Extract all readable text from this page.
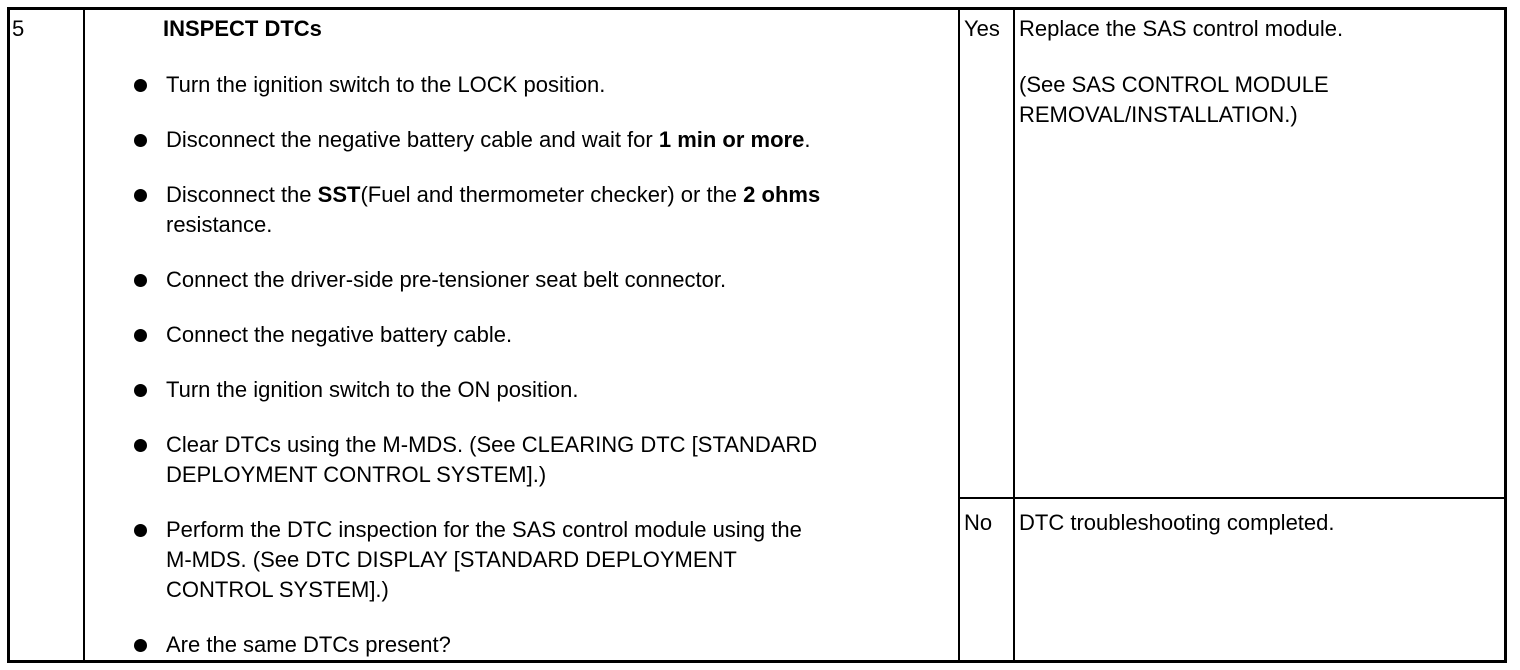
5	INSPECT DTCs
Turn the ignition switch to the LOCK position.
Disconnect the negative battery cable and wait for 1 min or more.
Disconnect the SST(Fuel and thermometer checker) or the 2 ohms
resistance.
Connect the driver-side pre-tensioner seat belt connector.
Connect the negative battery cable.
Turn the ignition switch to the ON position.
Clear DTCs using the M-MDS. (See CLEARING DTC [STANDARD
DEPLOYMENT CONTROL SYSTEM].)
Perform the DTC inspection for the SAS control module using the
M-MDS. (See DTC DISPLAY [STANDARD DEPLOYMENT
CONTROL SYSTEM].)
Are the same DTCs present?
Yes Replace the SAS control module.
(See SAS CONTROL MODULE
REMOVAL/INSTALLATION.)
No DTC troubleshooting completed.
